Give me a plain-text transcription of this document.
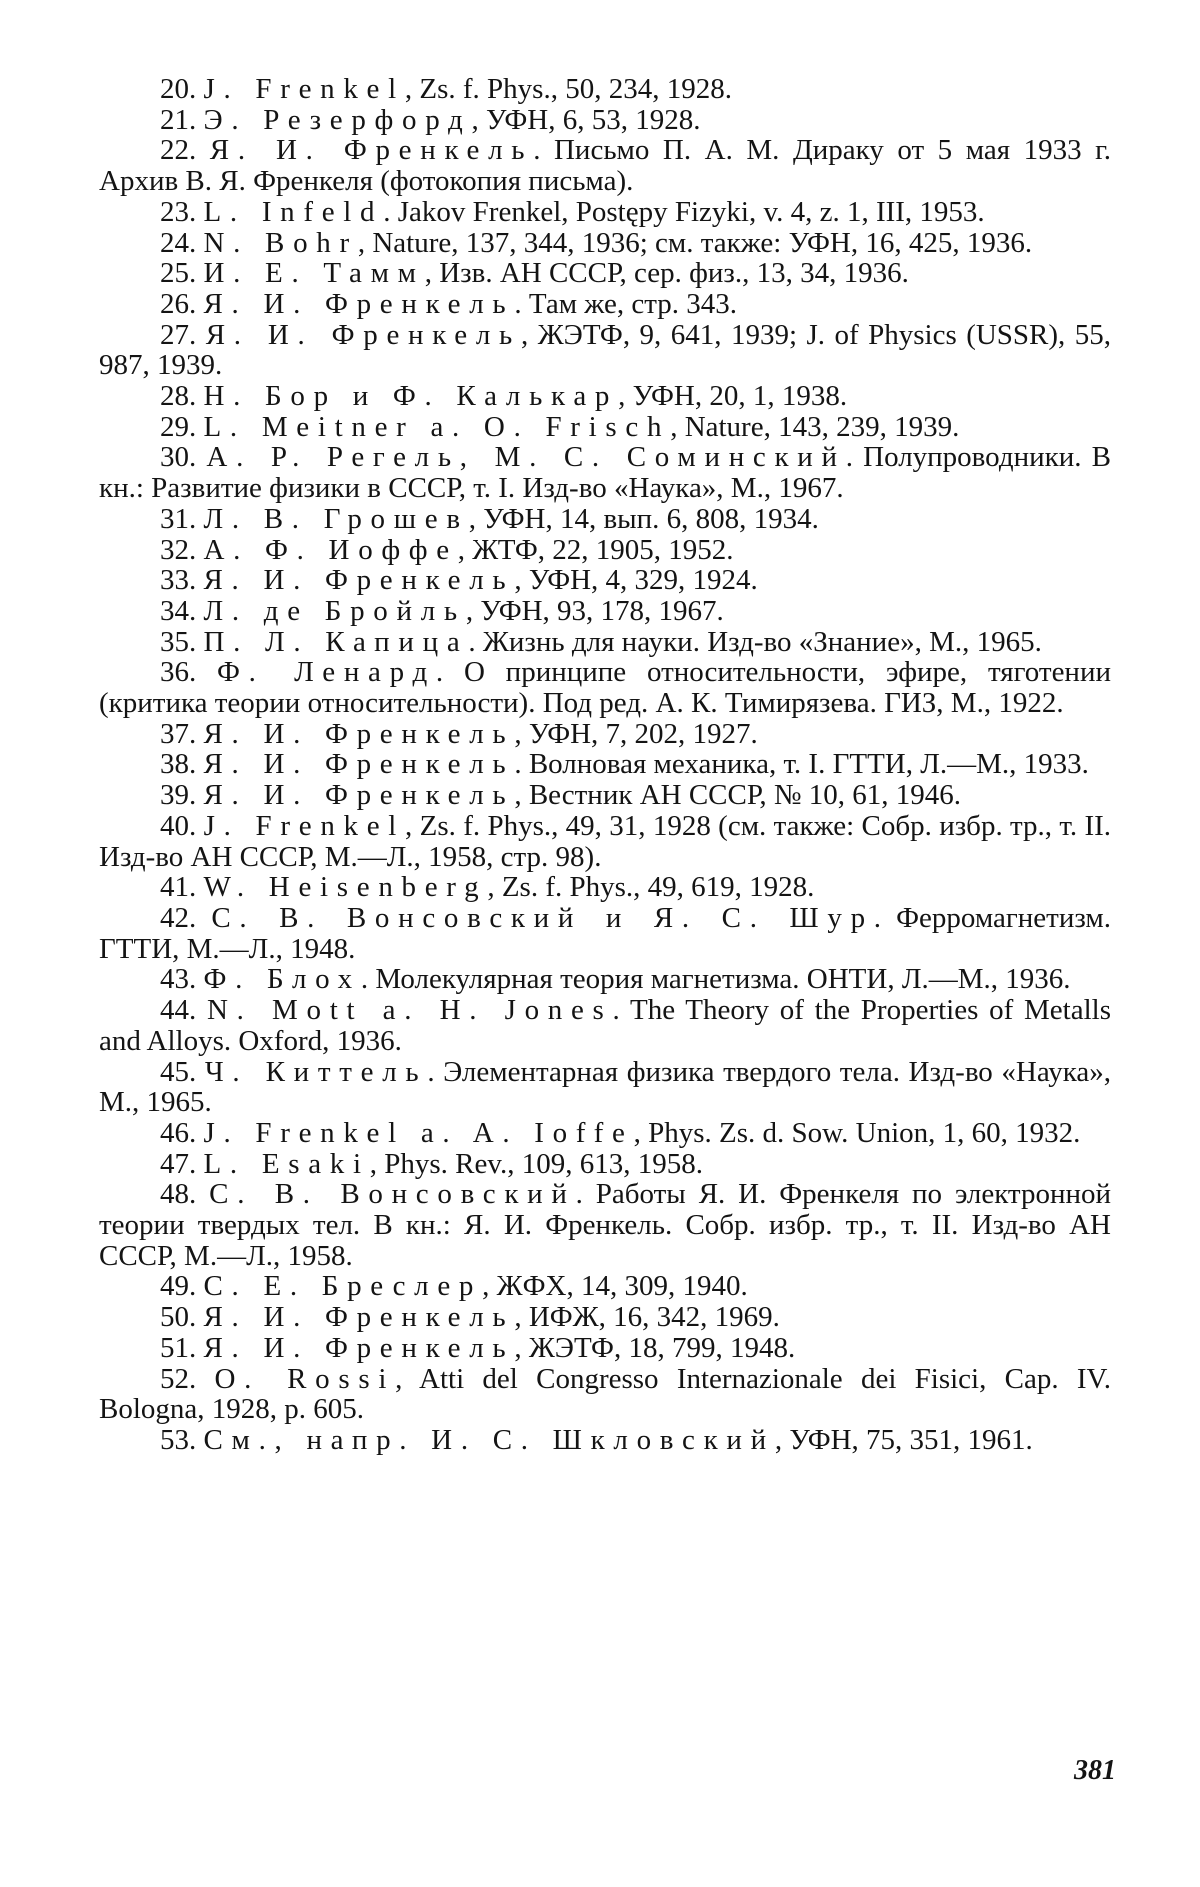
20. J. Frenkel, Zs. f. Phys., 50, 234, 1928.

21. Э. Резерфорд, УФН, 6, 53, 1928.

22. Я. И. Френкель. Письмо П. А. М. Дираку от 5 мая 1933 г. Архив В. Я. Френкеля (фотокопия письма).

23. L. Infeld. Jakov Frenkel, Postępy Fizyki, v. 4, z. 1, III, 1953.

24. N. Bohr, Nature, 137, 344, 1936; см. также: УФН, 16, 425, 1936.

25. И. Е. Тамм, Изв. АН СССР, сер. физ., 13, 34, 1936.

26. Я. И. Френкель. Там же, стр. 343.

27. Я. И. Френкель, ЖЭТФ, 9, 641, 1939; J. of Physics (USSR), 55, 987, 1939.

28. Н. Бор и Ф. Калькар, УФН, 20, 1, 1938.

29. L. Meitner a. O. Frisch, Nature, 143, 239, 1939.

30. А. Р. Регель, М. С. Соминский. Полупроводники. В кн.: Развитие физики в СССР, т. I. Изд-во «Наука», М., 1967.

31. Л. В. Грошев, УФН, 14, вып. 6, 808, 1934.

32. А. Ф. Иоффе, ЖТФ, 22, 1905, 1952.

33. Я. И. Френкель, УФН, 4, 329, 1924.

34. Л. де Бройль, УФН, 93, 178, 1967.

35. П. Л. Капица. Жизнь для науки. Изд-во «Знание», М., 1965.

36. Ф. Ленард. О принципе относительности, эфире, тяготении (критика теории относительности). Под ред. А. К. Тимирязева. ГИЗ, М., 1922.

37. Я. И. Френкель, УФН, 7, 202, 1927.

38. Я. И. Френкель. Волновая механика, т. I. ГТТИ, Л.—М., 1933.

39. Я. И. Френкель, Вестник АН СССР, № 10, 61, 1946.

40. J. Frenkel, Zs. f. Phys., 49, 31, 1928 (см. также: Собр. избр. тр., т. II. Изд-во АН СССР, М.—Л., 1958, стр. 98).

41. W. Heisenberg, Zs. f. Phys., 49, 619, 1928.

42. С. В. Вонсовский и Я. С. Шур. Ферромагнетизм. ГТТИ, М.—Л., 1948.

43. Ф. Блох. Молекулярная теория магнетизма. ОНТИ, Л.—М., 1936.

44. N. Mott a. H. Jones. The Theory of the Properties of Metalls and Alloys. Oxford, 1936.

45. Ч. Киттель. Элементарная физика твердого тела. Изд-во «Наука», М., 1965.

46. J. Frenkel a. A. Ioffe, Phys. Zs. d. Sow. Union, 1, 60, 1932.

47. L. Esaki, Phys. Rev., 109, 613, 1958.

48. С. В. Вонсовский. Работы Я. И. Френкеля по электронной теории твердых тел. В кн.: Я. И. Френкель. Собр. избр. тр., т. II. Изд-во АН СССР, М.—Л., 1958.

49. С. Е. Бреслер, ЖФХ, 14, 309, 1940.

50. Я. И. Френкель, ИФЖ, 16, 342, 1969.

51. Я. И. Френкель, ЖЭТФ, 18, 799, 1948.

52. O. Rossi, Atti del Congresso Internazionale dei Fisici, Cap. IV. Bologna, 1928, p. 605.

53. См., напр. И. С. Шкловский, УФН, 75, 351, 1961.

381
